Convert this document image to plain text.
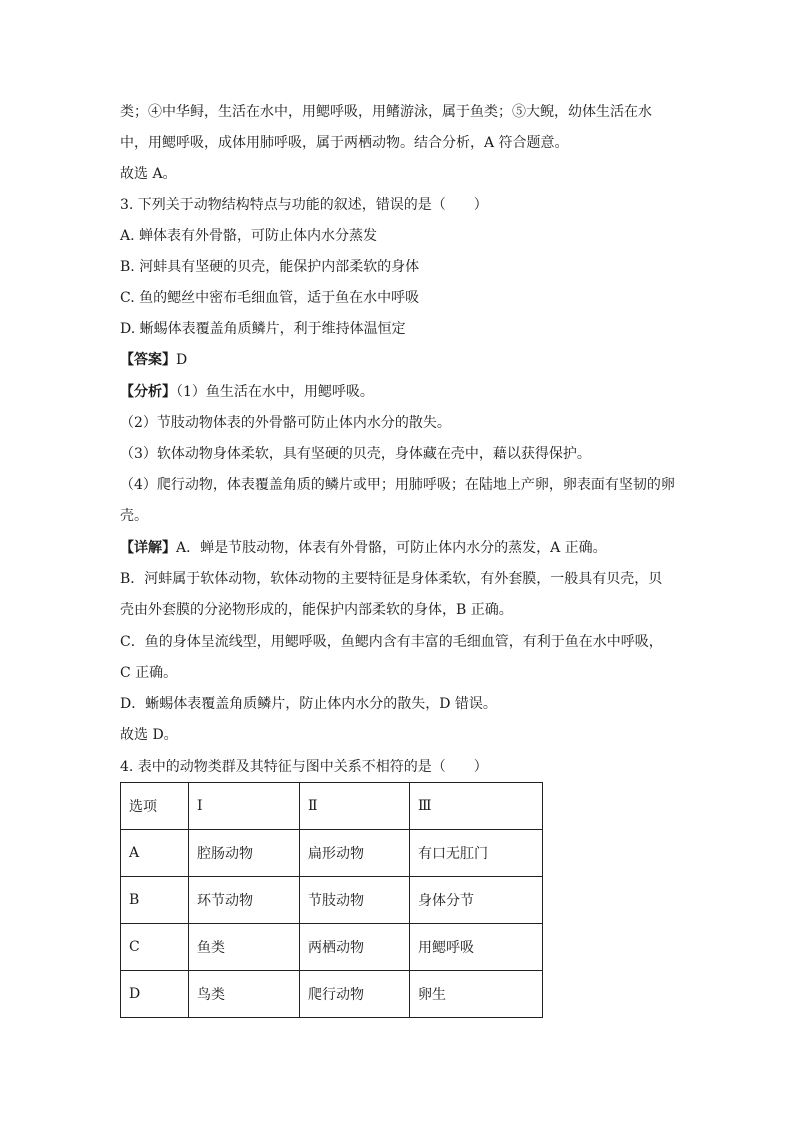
类；④中华鲟，生活在水中，用鳃呼吸，用鳍游泳，属于鱼类；⑤大鲵，幼体生活在水
中，用鳃呼吸，成体用肺呼吸，属于两栖动物。结合分析，A 符合题意。
故选 A。
3. 下列关于动物结构特点与功能的叙述，错误的是（　　）
A. 蝉体表有外骨骼，可防止体内水分蒸发
B. 河蚌具有坚硬的贝壳，能保护内部柔软的身体
C. 鱼的鳃丝中密布毛细血管，适于鱼在水中呼吸
D. 蜥蜴体表覆盖角质鳞片，利于维持体温恒定
【答案】D
【分析】（1）鱼生活在水中，用鳃呼吸。
（2）节肢动物体表的外骨骼可防止体内水分的散失。
（3）软体动物身体柔软，具有坚硬的贝壳，身体藏在壳中，藉以获得保护。
（4）爬行动物，体表覆盖角质的鳞片或甲；用肺呼吸；在陆地上产卵，卵表面有坚韧的卵
壳。
【详解】A．蝉是节肢动物，体表有外骨骼，可防止体内水分的蒸发，A 正确。
B．河蚌属于软体动物，软体动物的主要特征是身体柔软，有外套膜，一般具有贝壳，贝
壳由外套膜的分泌物形成的，能保护内部柔软的身体，B 正确。
C．鱼的身体呈流线型，用鳃呼吸，鱼鳃内含有丰富的毛细血管，有利于鱼在水中呼吸，
C 正确。
D．蜥蜴体表覆盖角质鳞片，防止体内水分的散失，D 错误。
故选 D。
4. 表中的动物类群及其特征与图中关系不相符的是（　　）
选项	Ⅰ	Ⅱ	Ⅲ
A	腔肠动物	扁形动物	有口无肛门
B	环节动物	节肢动物	身体分节
C	鱼类	两栖动物	用鳃呼吸
D	鸟类	爬行动物	卵生
